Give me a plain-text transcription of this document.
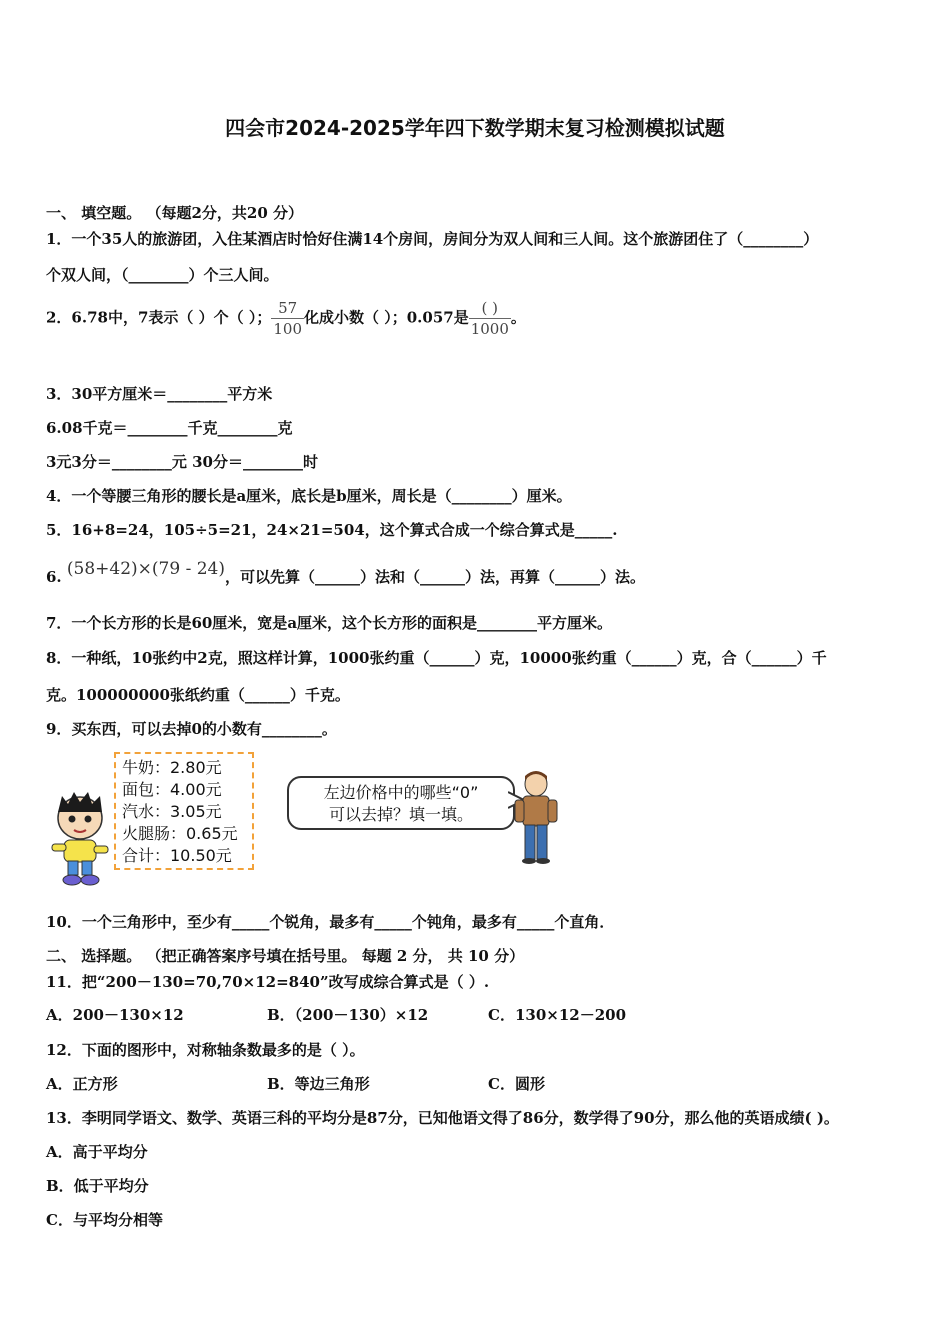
四会市2024-2025学年四下数学期末复习检测模拟试题
一、 填空题。 （每题2分，共20 分）
1．一个35人的旅游团，入住某酒店时恰好住满14个房间，房间分为双人间和三人间。这个旅游团住了（________）
个双人间，（________）个三人间。
2．6.78中，7表示（ ）个（ ）； $\frac{57}{100}$ 化成小数（ ）；0.057是 $\frac{( )}{1000}$ 。
3．30平方厘米＝________平方米
6.08千克＝________千克________克
3元3分＝________元 30分＝________时
4．一个等腰三角形的腰长是a厘米，底长是b厘米，周长是（________）厘米。
5．16+8=24，105÷5=21，24×21=504，这个算式合成一个综合算式是_____.
6. (58+42)×(79 - 24)，可以先算（______）法和（______）法，再算（______）法。
7．一个长方形的长是60厘米，宽是a厘米，这个长方形的面积是________平方厘米。
8．一种纸，10张约中2克，照这样计算，1000张约重（______）克，10000张约重（______）克，合（______）千
克。100000000张纸约重（______）千克。
9．买东西，可以去掉0的小数有________。
牛奶：2.80元
面包：4.00元
汽水：3.05元
火腿肠：0.65元
合计：10.50元
左边价格中的哪些“0”
可以去掉？填一填。
10．一个三角形中，至少有_____个锐角，最多有_____个钝角，最多有_____个直角．
二、 选择题。 （把正确答案序号填在括号里。 每题 2 分， 共 10 分）
11．把“200－130=70,70×12=840”改写成综合算式是（ ）.
A．200－130×12	B．（200－130）×12	C．130×12－200
12．下面的图形中，对称轴条数最多的是（ ）。
A．正方形	B．等边三角形	C．圆形
13．李明同学语文、数学、英语三科的平均分是87分，已知他语文得了86分，数学得了90分，那么他的英语成绩( )。
A．高于平均分
B．低于平均分
C．与平均分相等
